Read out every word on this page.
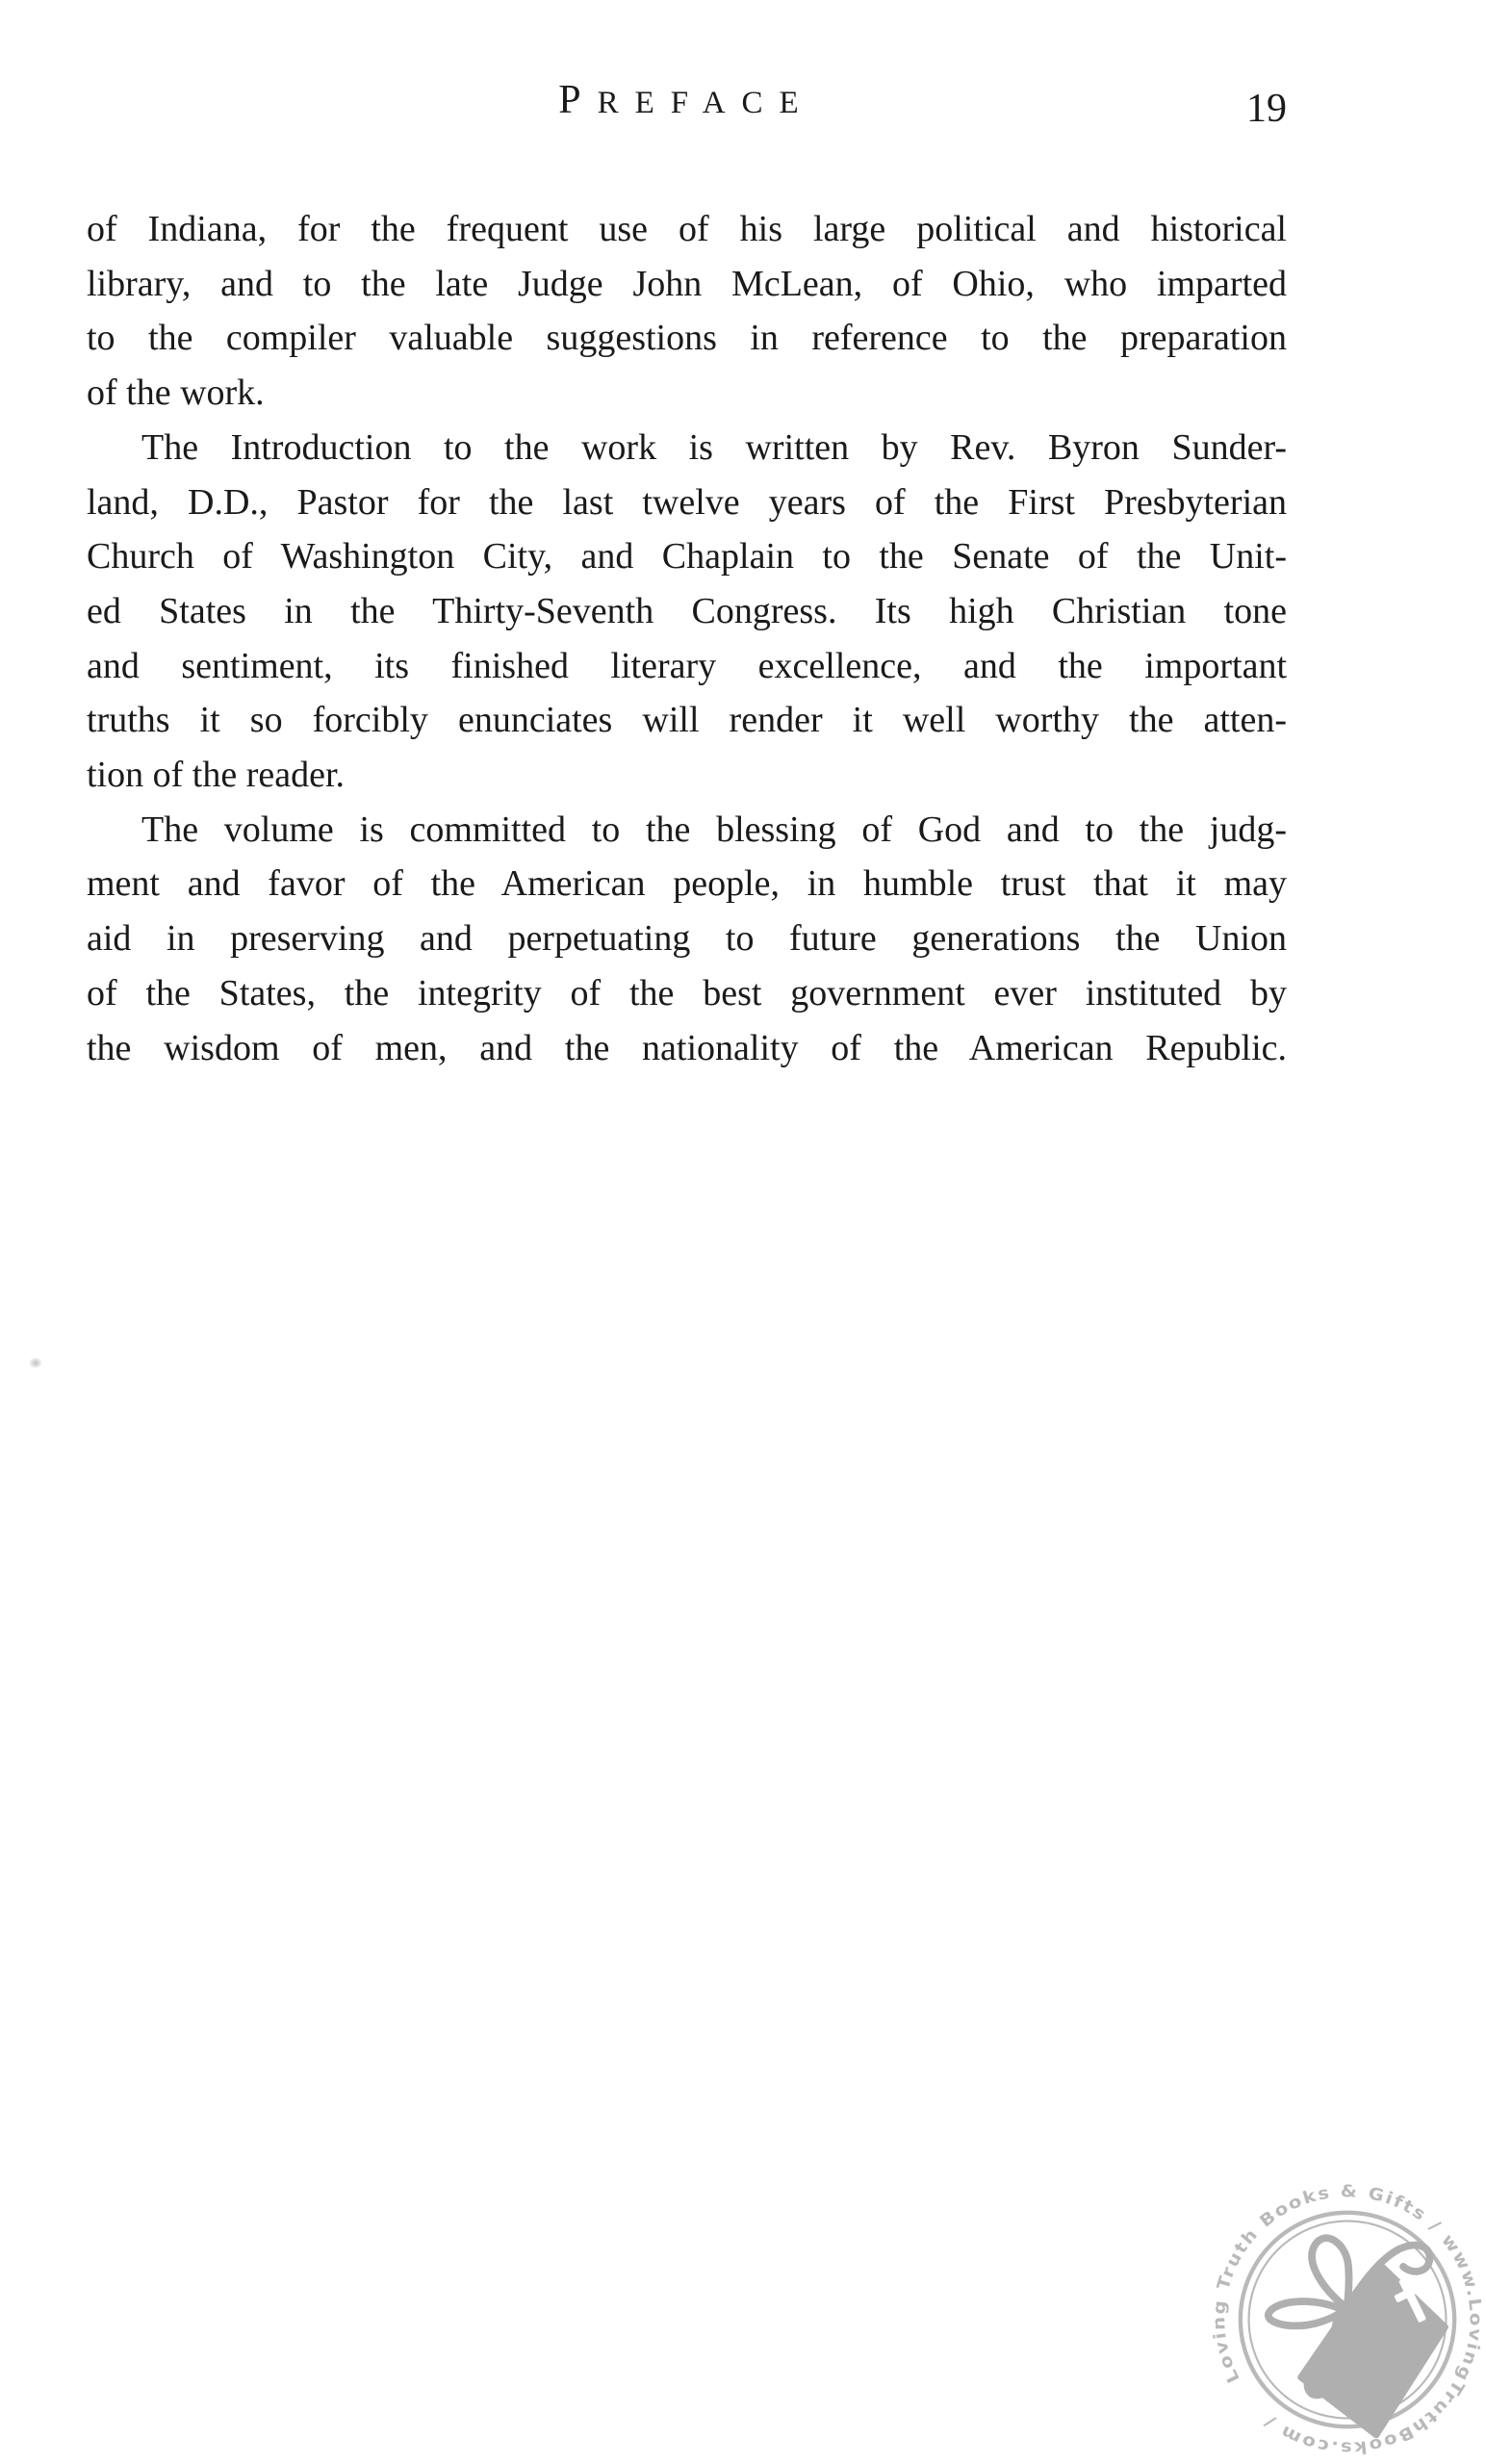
PREFACE	19
of Indiana, for the frequent use of his large political and historical
library, and to the late Judge John McLean, of Ohio, who imparted
to the compiler valuable suggestions in reference to the preparation
of the work.
The Introduction to the work is written by Rev. Byron Sunder-
land, D.D., Pastor for the last twelve years of the First Presbyterian
Church of Washington City, and Chaplain to the Senate of the Unit-
ed States in the Thirty-Seventh Congress. Its high Christian tone
and sentiment, its finished literary excellence, and the important
truths it so forcibly enunciates will render it well worthy the atten-
tion of the reader.
The volume is committed to the blessing of God and to the judg-
ment and favor of the American people, in humble trust that it may
aid in preserving and perpetuating to future generations the Union
of the States, the integrity of the best government ever instituted by
the wisdom of men, and the nationality of the American Republic.
Loving Truth Books & Gifts / www.LovingTruthBooks.com /
